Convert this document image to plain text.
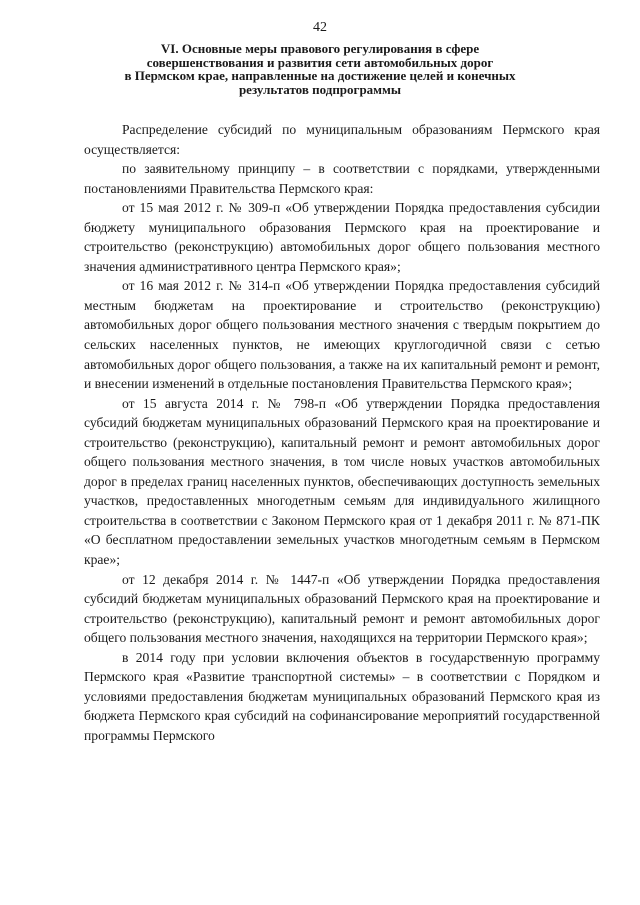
42
VI. Основные меры правового регулирования в сфере
совершенствования и развития сети автомобильных дорог
в Пермском крае, направленные на достижение целей и конечных
результатов подпрограммы

Распределение субсидий по муниципальным образованиям Пермского края осуществляется:

по заявительному принципу – в соответствии с порядками, утвержденными постановлениями Правительства Пермского края:

от 15 мая 2012 г. № 309-п «Об утверждении Порядка предоставления субсидии бюджету муниципального образования Пермского края на проектирование и строительство (реконструкцию) автомобильных дорог общего пользования местного значения административного центра Пермского края»;

от 16 мая 2012 г. № 314-п «Об утверждении Порядка предоставления субсидий местным бюджетам на проектирование и строительство (реконструкцию) автомобильных дорог общего пользования местного значения с твердым покрытием до сельских населенных пунктов, не имеющих круглогодичной связи с сетью автомобильных дорог общего пользования, а также на их капитальный ремонт и ремонт, и внесении изменений в отдельные постановления Правительства Пермского края»;

от 15 августа 2014 г. № 798-п «Об утверждении Порядка предоставления субсидий бюджетам муниципальных образований Пермского края на проектирование и строительство (реконструкцию), капитальный ремонт и ремонт автомобильных дорог общего пользования местного значения, в том числе новых участков автомобильных дорог в пределах границ населенных пунктов, обеспечивающих доступность земельных участков, предоставленных многодетным семьям для индивидуального жилищного строительства в соответствии с Законом Пермского края от 1 декабря 2011 г. № 871-ПК «О бесплатном предоставлении земельных участков многодетным семьям в Пермском крае»;

от 12 декабря 2014 г. № 1447-п «Об утверждении Порядка предоставления субсидий бюджетам муниципальных образований Пермского края на проектирование и строительство (реконструкцию), капитальный ремонт и ремонт автомобильных дорог общего пользования местного значения, находящихся на территории Пермского края»;

в 2014 году при условии включения объектов в государственную программу Пермского края «Развитие транспортной системы» – в соответствии с Порядком и условиями предоставления бюджетам муниципальных образований Пермского края из бюджета Пермского края субсидий на софинансирование мероприятий государственной программы Пермского
